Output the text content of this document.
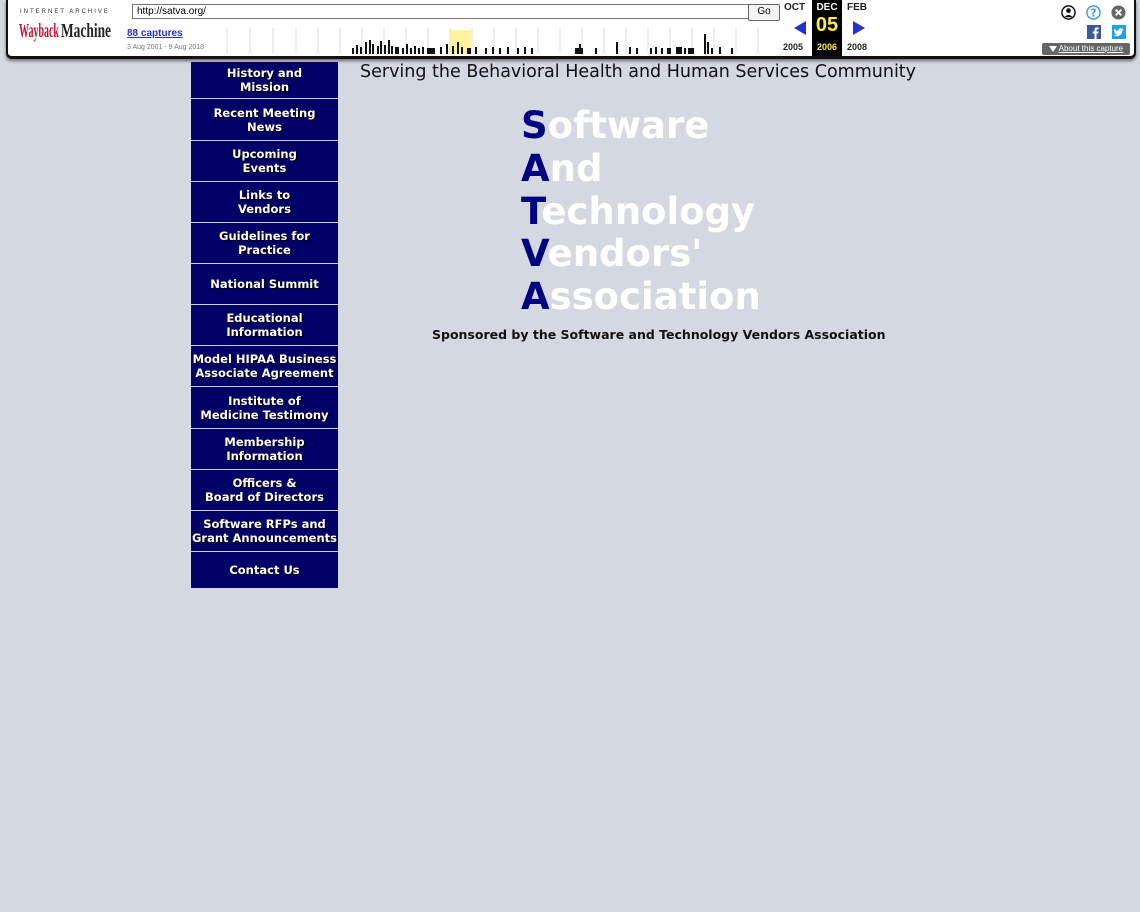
INTERNET ARCHIVE
Wayback Machine
http://satva.org/	Go
88 captures
3 Aug 2001 - 9 Aug 2018
OCT	DEC
05
2006
FEB
2005	2008
?
About this capture
History and
Mission
Recent Meeting
News
Upcoming
Events
Links to
Vendors
Guidelines for
Practice
National Summit
Educational
Information
Model HIPAA Business
Associate Agreement
Institute of
Medicine Testimony
Membership
Information
Officers &
Board of Directors
Software RFPs and
Grant Announcements
Contact Us
Serving the Behavioral Health and Human Services Community
Software
And
Technology
Vendors'
Association
Sponsored by the Software and Technology Vendors Association
